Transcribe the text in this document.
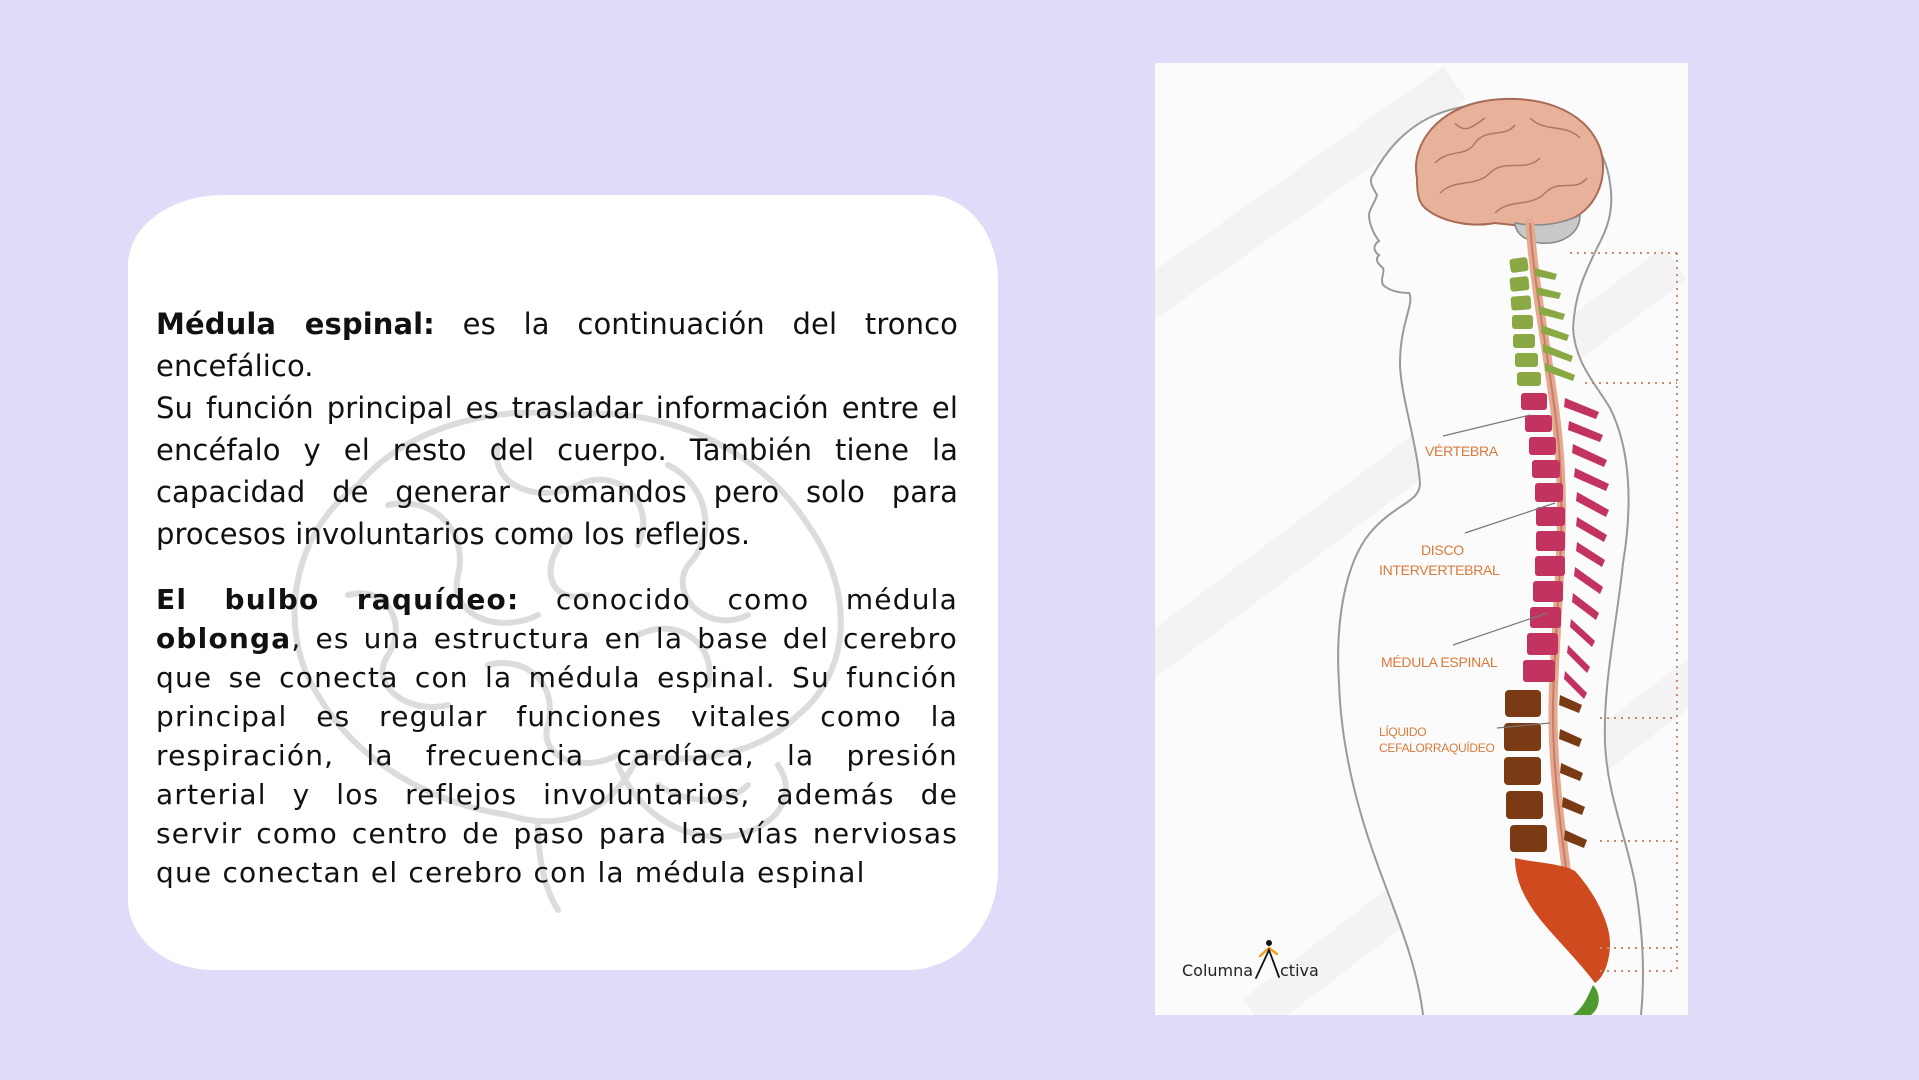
Médula espinal: es la continuación del tronco
encefálico.
Su función principal es trasladar información entre el
encéfalo y el resto del cuerpo. También tiene la
capacidad de generar comandos pero solo para
procesos involuntarios como los reflejos.

El bulbo raquídeo: conocido como médula
oblonga, es una estructura en la base del cerebro
que se conecta con la médula espinal. Su función
principal es regular funciones vitales como la
respiración, la frecuencia cardíaca, la presión
arterial y los reflejos involuntarios, además de
servir como centro de paso para las vías nerviosas
que conectan el cerebro con la médula espinal

VÉRTEBRA
DISCO
INTERVERTEBRAL
MÉDULA ESPINAL
LÍQUIDO
CEFALORRAQUÍDEO
Columna ctiva
